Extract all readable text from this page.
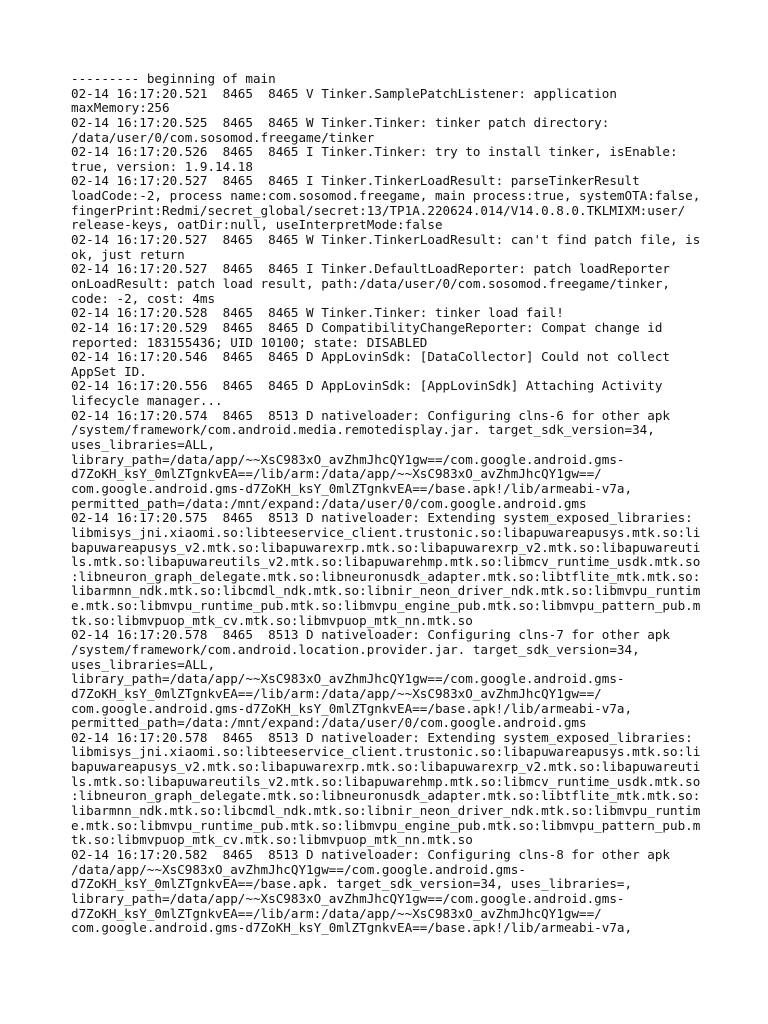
--------- beginning of main
02-14 16:17:20.521  8465  8465 V Tinker.SamplePatchListener: application
maxMemory:256
02-14 16:17:20.525  8465  8465 W Tinker.Tinker: tinker patch directory:
/data/user/0/com.sosomod.freegame/tinker
02-14 16:17:20.526  8465  8465 I Tinker.Tinker: try to install tinker, isEnable:
true, version: 1.9.14.18
02-14 16:17:20.527  8465  8465 I Tinker.TinkerLoadResult: parseTinkerResult
loadCode:-2, process name:com.sosomod.freegame, main process:true, systemOTA:false,
fingerPrint:Redmi/secret_global/secret:13/TP1A.220624.014/V14.0.8.0.TKLMIXM:user/
release-keys, oatDir:null, useInterpretMode:false
02-14 16:17:20.527  8465  8465 W Tinker.TinkerLoadResult: can't find patch file, is
ok, just return
02-14 16:17:20.527  8465  8465 I Tinker.DefaultLoadReporter: patch loadReporter
onLoadResult: patch load result, path:/data/user/0/com.sosomod.freegame/tinker,
code: -2, cost: 4ms
02-14 16:17:20.528  8465  8465 W Tinker.Tinker: tinker load fail!
02-14 16:17:20.529  8465  8465 D CompatibilityChangeReporter: Compat change id
reported: 183155436; UID 10100; state: DISABLED
02-14 16:17:20.546  8465  8465 D AppLovinSdk: [DataCollector] Could not collect
AppSet ID.
02-14 16:17:20.556  8465  8465 D AppLovinSdk: [AppLovinSdk] Attaching Activity
lifecycle manager...
02-14 16:17:20.574  8465  8513 D nativeloader: Configuring clns-6 for other apk
/system/framework/com.android.media.remotedisplay.jar. target_sdk_version=34,
uses_libraries=ALL,
library_path=/data/app/~~XsC983xO_avZhmJhcQY1gw==/com.google.android.gms-
d7ZoKH_ksY_0mlZTgnkvEA==/lib/arm:/data/app/~~XsC983xO_avZhmJhcQY1gw==/
com.google.android.gms-d7ZoKH_ksY_0mlZTgnkvEA==/base.apk!/lib/armeabi-v7a,
permitted_path=/data:/mnt/expand:/data/user/0/com.google.android.gms
02-14 16:17:20.575  8465  8513 D nativeloader: Extending system_exposed_libraries:
libmisys_jni.xiaomi.so:libteeservice_client.trustonic.so:libapuwareapusys.mtk.so:li
bapuwareapusys_v2.mtk.so:libapuwarexrp.mtk.so:libapuwarexrp_v2.mtk.so:libapuwareuti
ls.mtk.so:libapuwareutils_v2.mtk.so:libapuwarehmp.mtk.so:libmcv_runtime_usdk.mtk.so
:libneuron_graph_delegate.mtk.so:libneuronusdk_adapter.mtk.so:libtflite_mtk.mtk.so:
libarmnn_ndk.mtk.so:libcmdl_ndk.mtk.so:libnir_neon_driver_ndk.mtk.so:libmvpu_runtim
e.mtk.so:libmvpu_runtime_pub.mtk.so:libmvpu_engine_pub.mtk.so:libmvpu_pattern_pub.m
tk.so:libmvpuop_mtk_cv.mtk.so:libmvpuop_mtk_nn.mtk.so
02-14 16:17:20.578  8465  8513 D nativeloader: Configuring clns-7 for other apk
/system/framework/com.android.location.provider.jar. target_sdk_version=34,
uses_libraries=ALL,
library_path=/data/app/~~XsC983xO_avZhmJhcQY1gw==/com.google.android.gms-
d7ZoKH_ksY_0mlZTgnkvEA==/lib/arm:/data/app/~~XsC983xO_avZhmJhcQY1gw==/
com.google.android.gms-d7ZoKH_ksY_0mlZTgnkvEA==/base.apk!/lib/armeabi-v7a,
permitted_path=/data:/mnt/expand:/data/user/0/com.google.android.gms
02-14 16:17:20.578  8465  8513 D nativeloader: Extending system_exposed_libraries:
libmisys_jni.xiaomi.so:libteeservice_client.trustonic.so:libapuwareapusys.mtk.so:li
bapuwareapusys_v2.mtk.so:libapuwarexrp.mtk.so:libapuwarexrp_v2.mtk.so:libapuwareuti
ls.mtk.so:libapuwareutils_v2.mtk.so:libapuwarehmp.mtk.so:libmcv_runtime_usdk.mtk.so
:libneuron_graph_delegate.mtk.so:libneuronusdk_adapter.mtk.so:libtflite_mtk.mtk.so:
libarmnn_ndk.mtk.so:libcmdl_ndk.mtk.so:libnir_neon_driver_ndk.mtk.so:libmvpu_runtim
e.mtk.so:libmvpu_runtime_pub.mtk.so:libmvpu_engine_pub.mtk.so:libmvpu_pattern_pub.m
tk.so:libmvpuop_mtk_cv.mtk.so:libmvpuop_mtk_nn.mtk.so
02-14 16:17:20.582  8465  8513 D nativeloader: Configuring clns-8 for other apk
/data/app/~~XsC983xO_avZhmJhcQY1gw==/com.google.android.gms-
d7ZoKH_ksY_0mlZTgnkvEA==/base.apk. target_sdk_version=34, uses_libraries=,
library_path=/data/app/~~XsC983xO_avZhmJhcQY1gw==/com.google.android.gms-
d7ZoKH_ksY_0mlZTgnkvEA==/lib/arm:/data/app/~~XsC983xO_avZhmJhcQY1gw==/
com.google.android.gms-d7ZoKH_ksY_0mlZTgnkvEA==/base.apk!/lib/armeabi-v7a,
